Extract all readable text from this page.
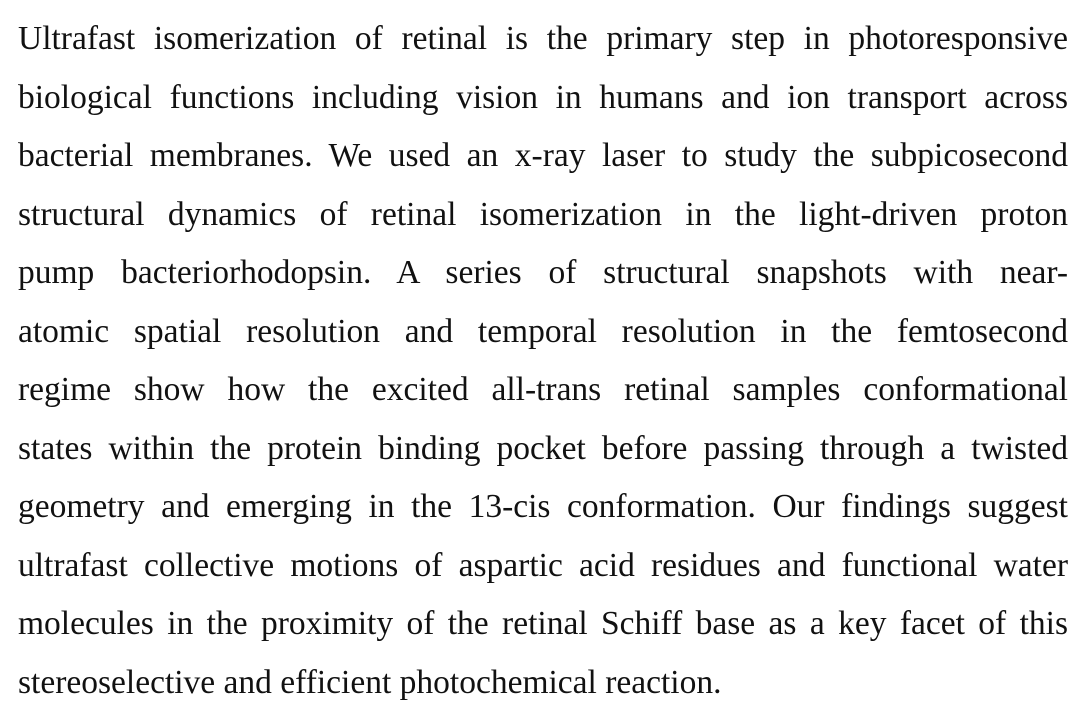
Ultrafast isomerization of retinal is the primary step in photoresponsive
biological functions including vision in humans and ion transport across
bacterial membranes. We used an x-ray laser to study the subpicosecond
structural dynamics of retinal isomerization in the light-driven proton
pump bacteriorhodopsin. A series of structural snapshots with near-
atomic spatial resolution and temporal resolution in the femtosecond
regime show how the excited all-trans retinal samples conformational
states within the protein binding pocket before passing through a twisted
geometry and emerging in the 13-cis conformation. Our findings suggest
ultrafast collective motions of aspartic acid residues and functional water
molecules in the proximity of the retinal Schiff base as a key facet of this
stereoselective and efficient photochemical reaction.
